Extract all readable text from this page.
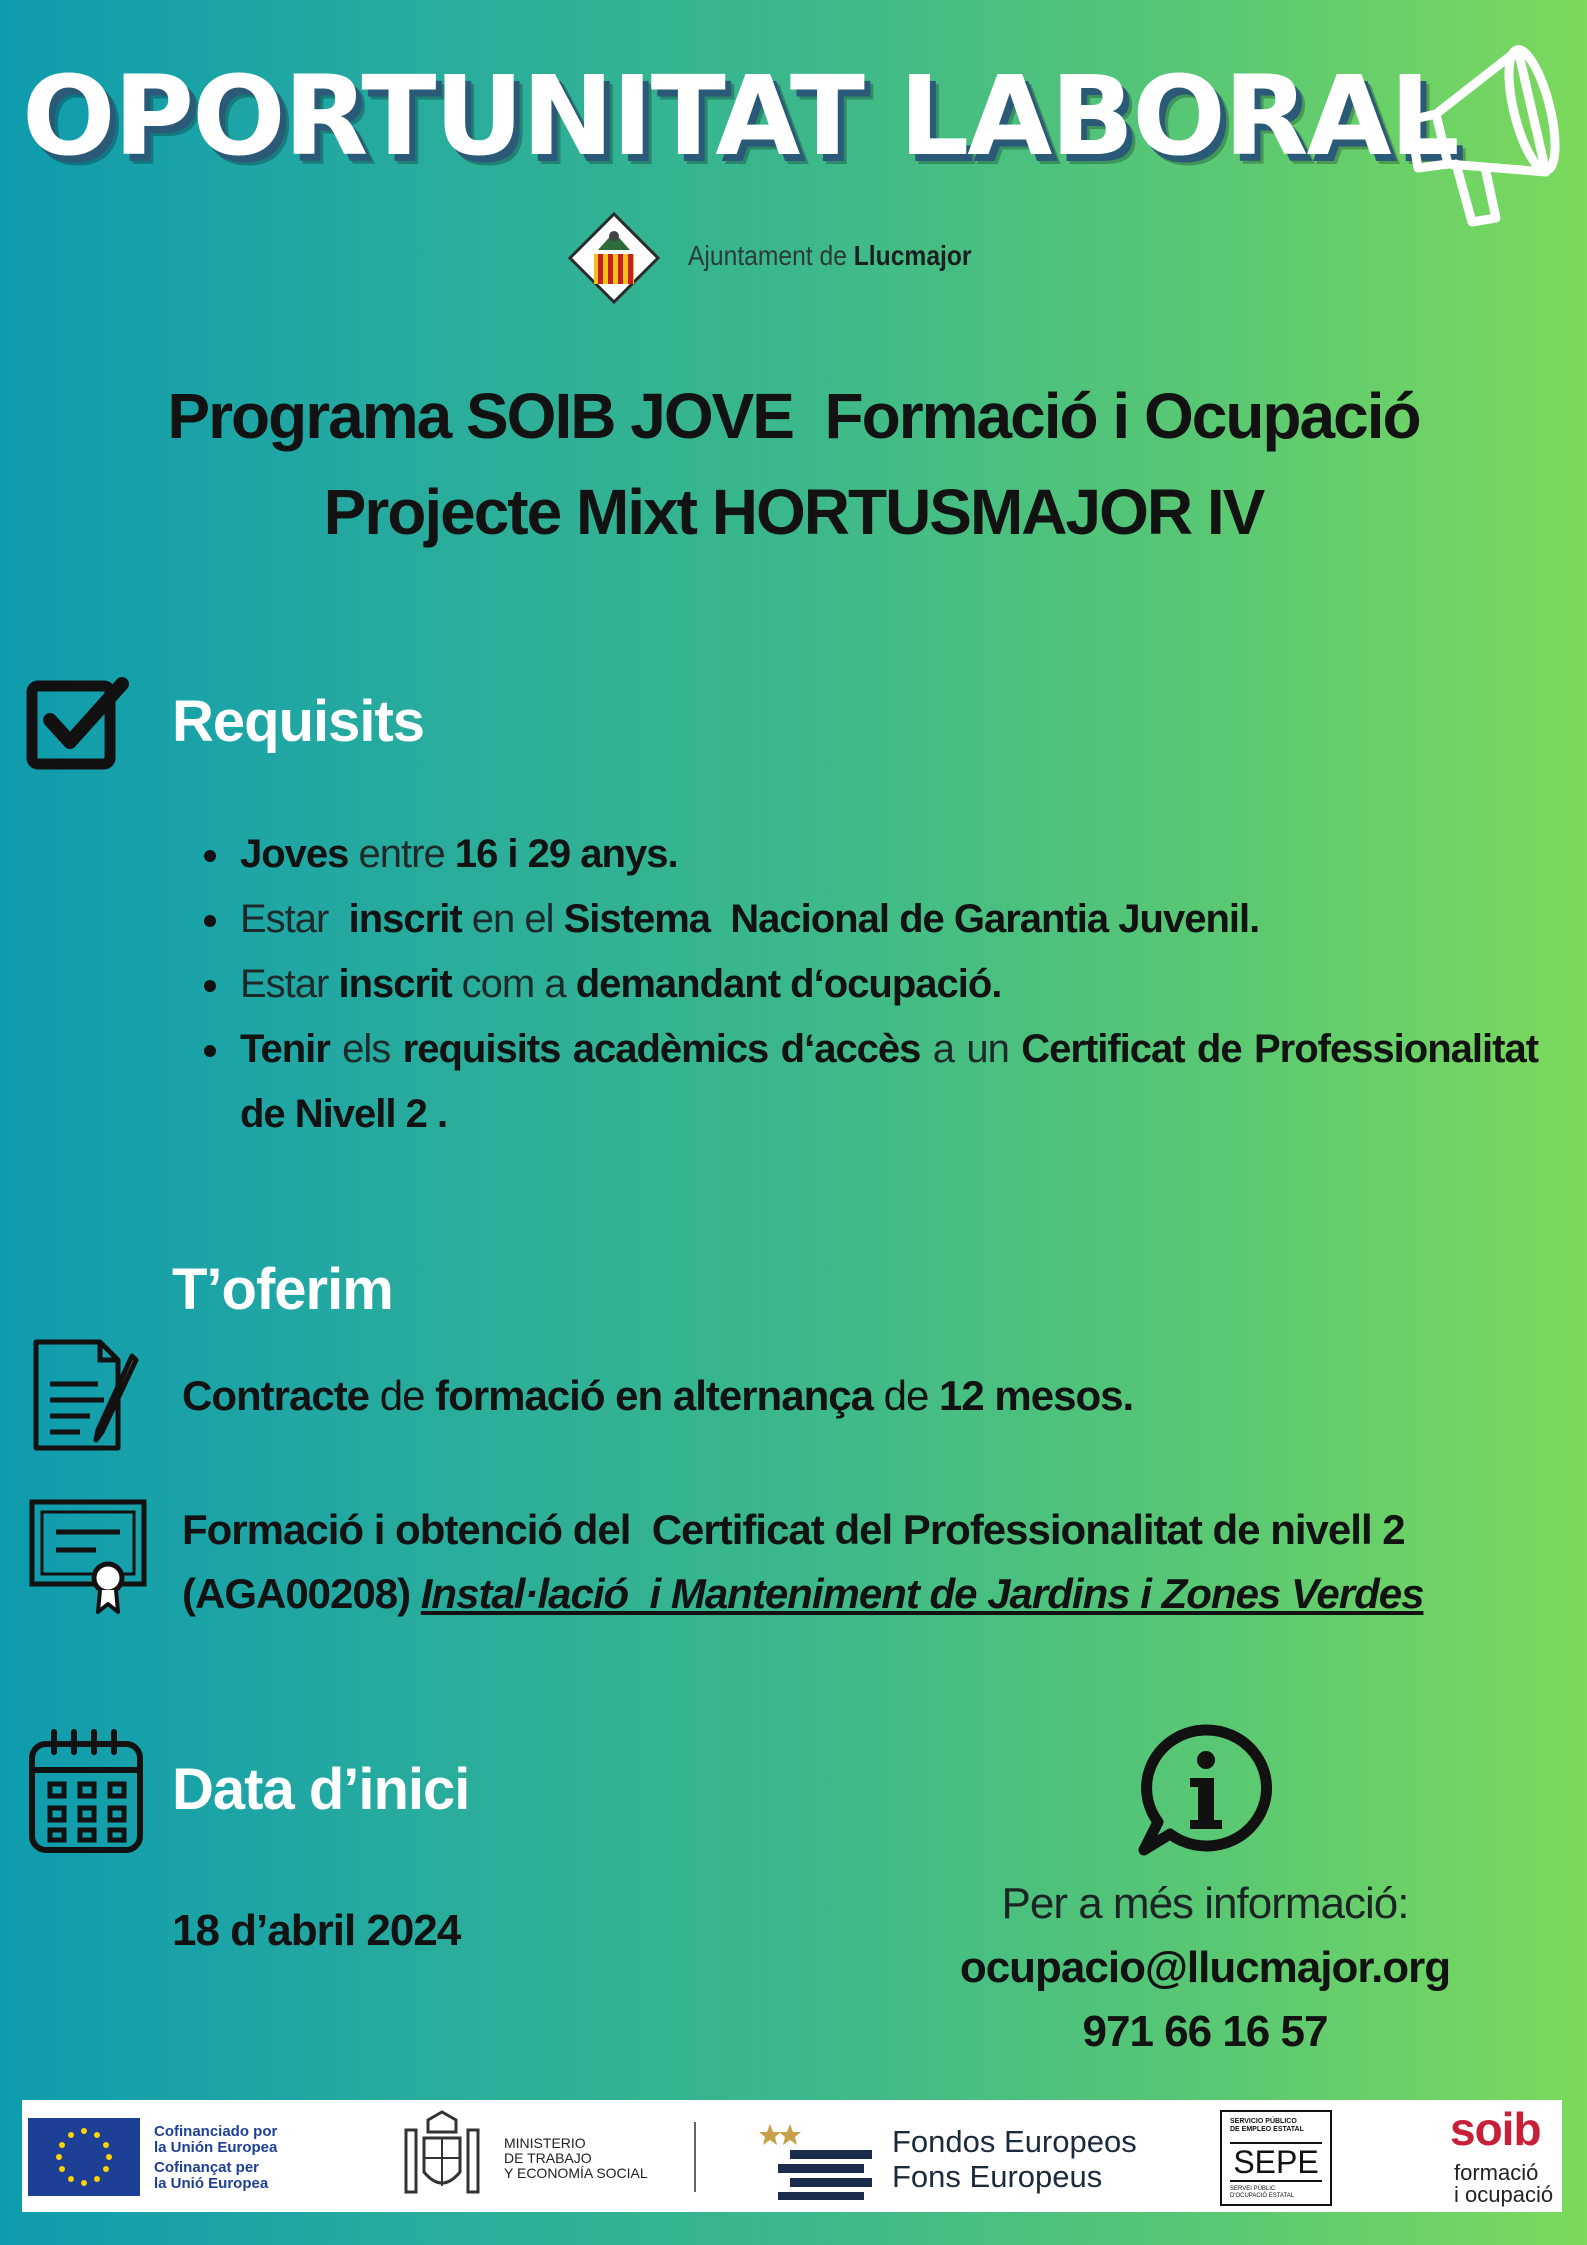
OPORTUNITAT LABORAL
Ajuntament de Llucmajor
Programa SOIB JOVE  Formació i Ocupació
Projecte Mixt HORTUSMAJOR IV
Requisits
Joves entre 16 i 29 anys.
Estar  inscrit en el Sistema  Nacional de Garantia Juvenil.
Estar inscrit com a demandant d‘ocupació.
Tenir els requisits acadèmics d‘accès a un Certificat de Professionalitat de Nivell 2 .
T’oferim
Contracte de formació en alternança de 12 mesos.
Formació i obtenció del  Certificat del Professionalitat de nivell 2
(AGA00208) Instal·lació  i Manteniment de Jardins i Zones Verdes
Data d’inici
18 d’abril 2024
Per a més informació:
ocupacio@llucmajor.org
971 66 16 57
Cofinanciado por
la Unión Europea
Cofinançat per
la Unió Europea
MINISTERIO
DE TRABAJO
Y ECONOMÍA SOCIAL
Fondos Europeos
Fons Europeus
SERVICIO PÚBLICO
DE EMPLEO ESTATAL
SEPE
SERVEI PÚBLIC
D'OCUPACIÓ ESTATAL
soib
formació
i ocupació
